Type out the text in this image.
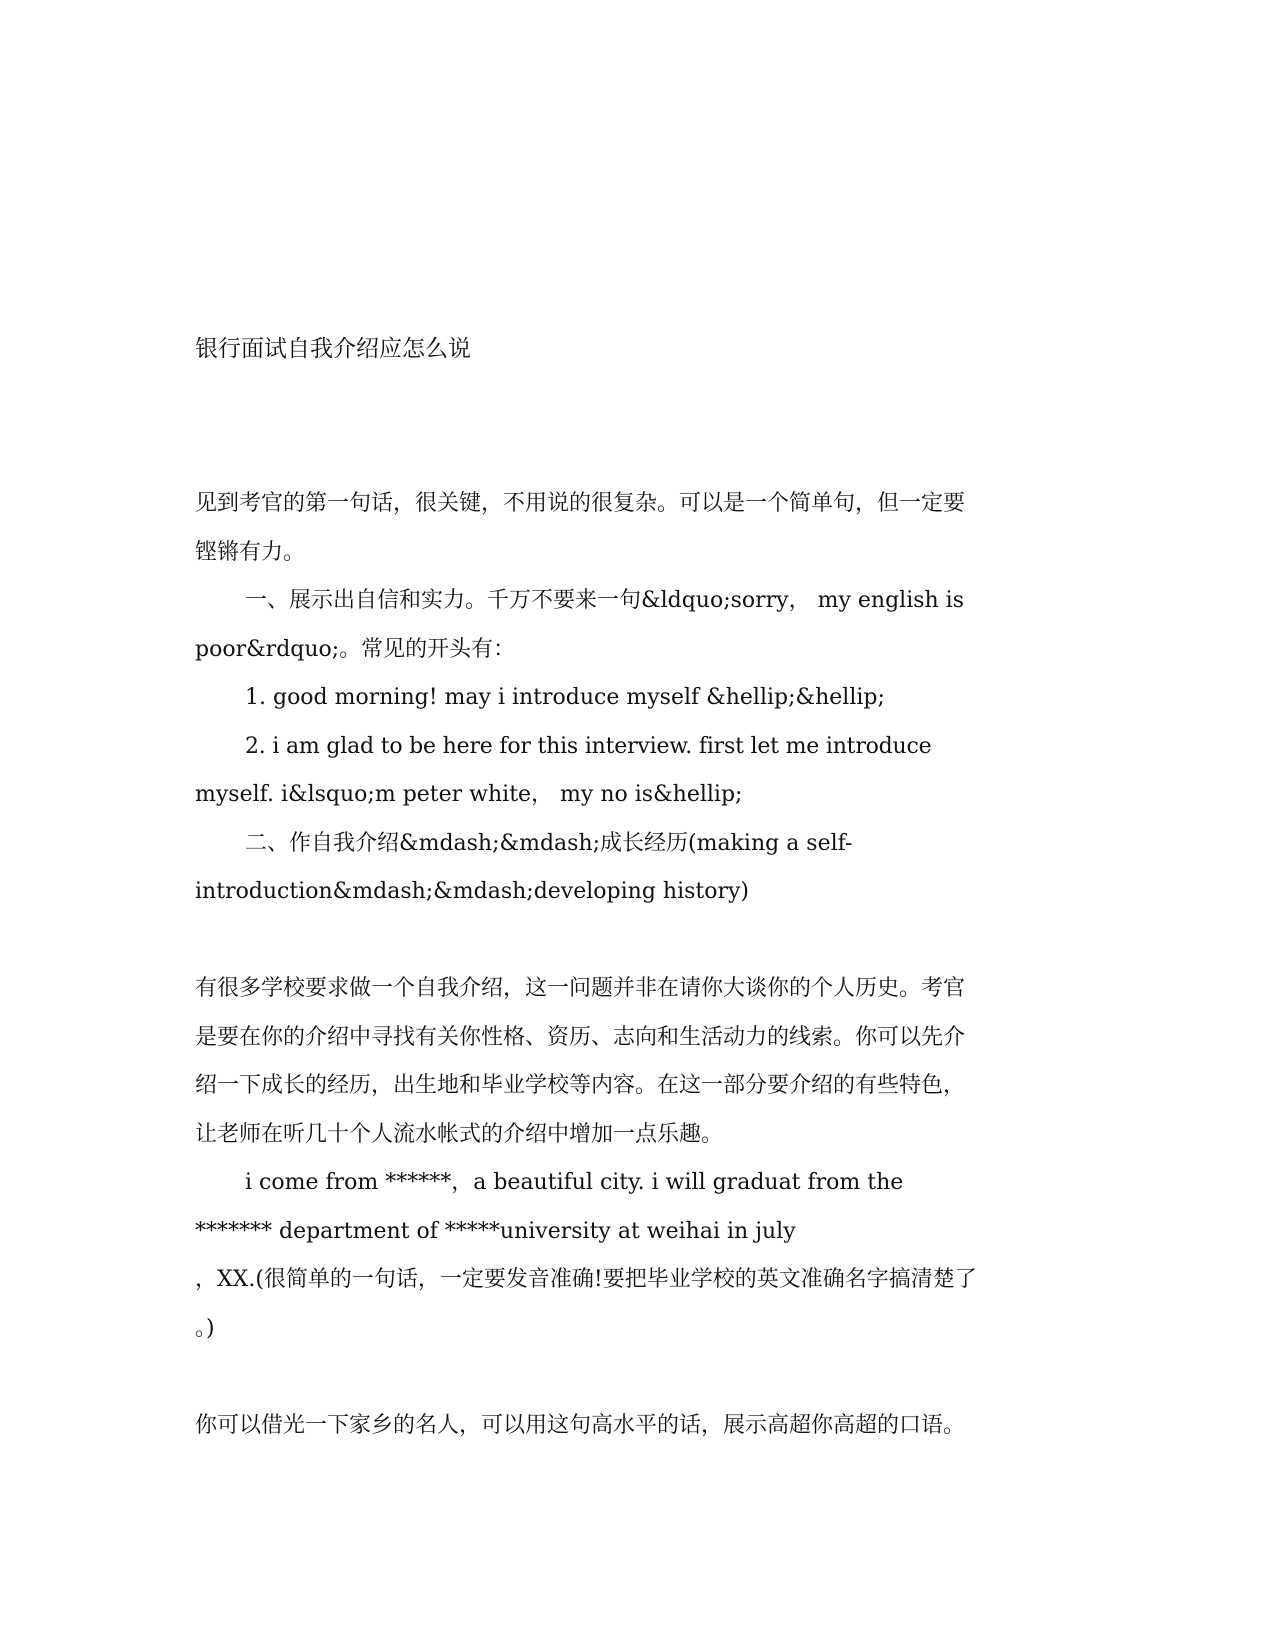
银行面试自我介绍应怎么说

见到考官的第一句话，很关键，不用说的很复杂。可以是一个简单句，但一定要

铿锵有力。

一、展示出自信和实力。千万不要来一句&ldquo;sorry， my english is

poor&rdquo;。常见的开头有：

1. good morning! may i introduce myself &hellip;&hellip;

2. i am glad to be here for this interview. first let me introduce

myself. i&lsquo;m peter white， my no is&hellip;

二、作自我介绍&mdash;&mdash;成长经历(making a self-

introduction&mdash;&mdash;developing history)

有很多学校要求做一个自我介绍，这一问题并非在请你大谈你的个人历史。考官

是要在你的介绍中寻找有关你性格、资历、志向和生活动力的线索。你可以先介

绍一下成长的经历，出生地和毕业学校等内容。在这一部分要介绍的有些特色，

让老师在听几十个人流水帐式的介绍中增加一点乐趣。

i come from ******，a beautiful city. i will graduat from the

******* department of *****university at weihai in july

，XX.(很简单的一句话，一定要发音准确!要把毕业学校的英文准确名字搞清楚了

。)

你可以借光一下家乡的名人，可以用这句高水平的话，展示高超你高超的口语。
